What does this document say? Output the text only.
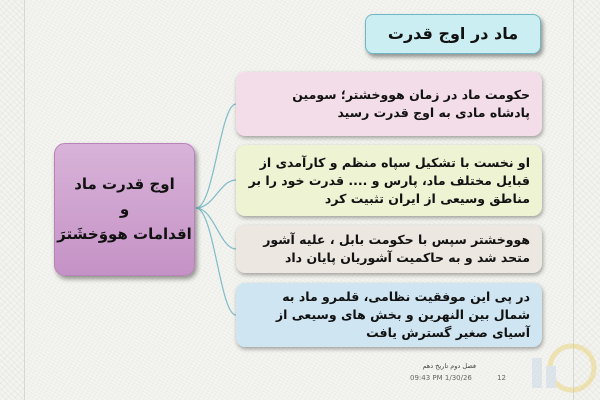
ماد در اوج قدرت
اوج قدرت ماد
و
اقدامات هووَخشَترَ
حکومت ماد در زمان هووخشتر؛ سومین پادشاه مادی به اوج قدرت رسید
او نخست با تشکیل سپاه منظم و کارآمدی از قبایل مختلف ماد، پارس و .... قدرت خود را بر مناطق وسیعی از ایران تثبیت کرد
هووخشتر سپس با حکومت بابل ، علیه آشور متحد شد و به حاکمیت آشوریان پایان داد
در پی این موفقیت نظامی، قلمرو ماد به شمال بین النهرین و بخش های وسیعی از آسیای صغیر گسترش یافت
فصل دوم تاریخ دهم
09:43 PM 1/30/26	12
